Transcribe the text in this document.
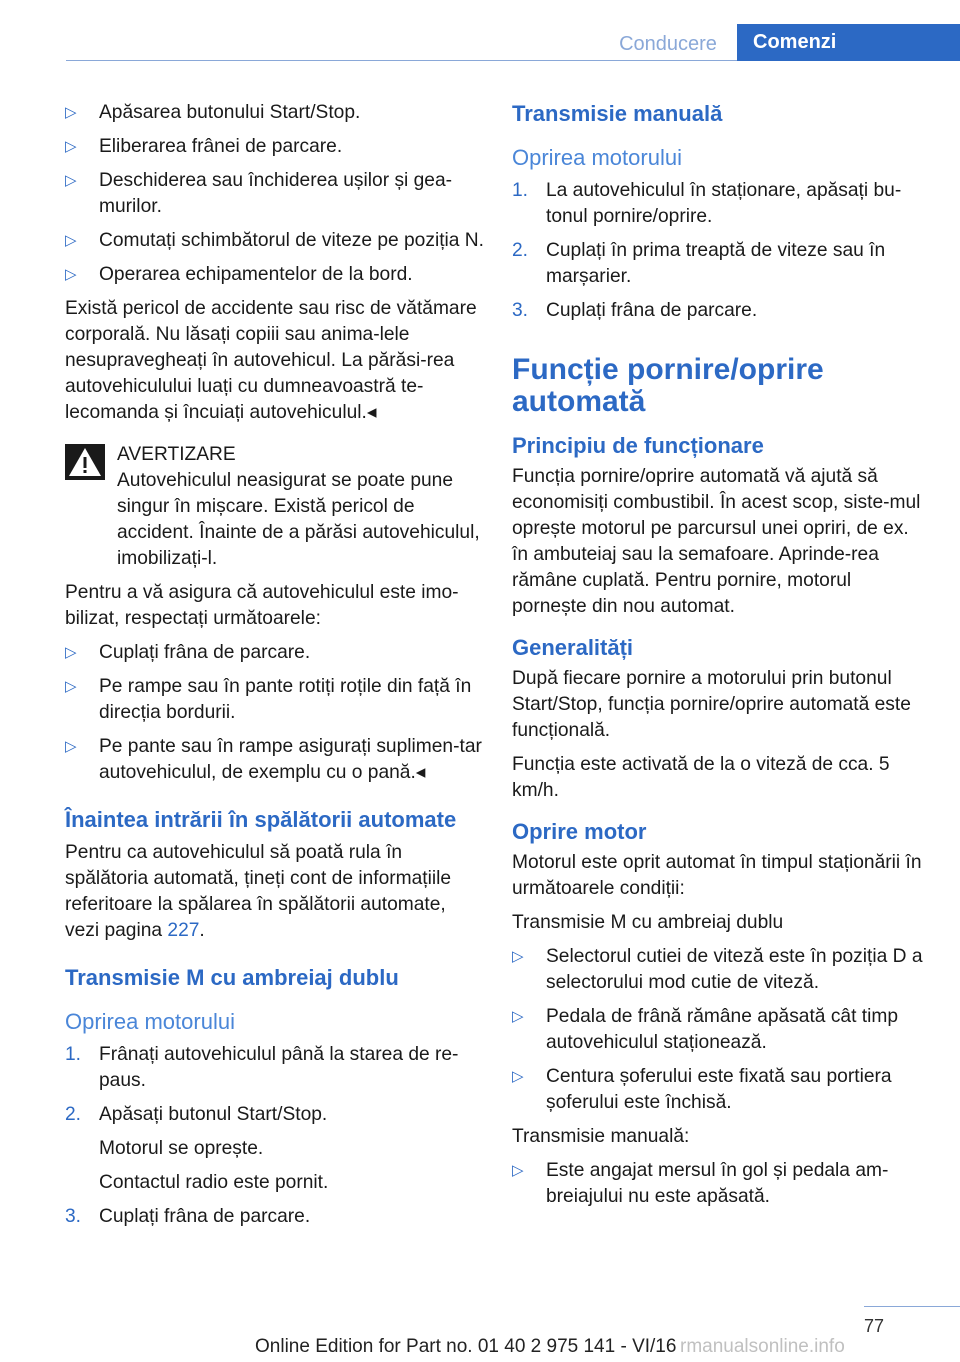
Conducere	Comenzi
▷ Apăsarea butonului Start/Stop.
▷ Eliberarea frânei de parcare.
▷ Deschiderea sau închiderea ușilor și gea-murilor.
▷ Comutați schimbătorul de viteze pe poziția N.
▷ Operarea echipamentelor de la bord.

Există pericol de accidente sau risc de vătămare corporală. Nu lăsați copiii sau anima-lele nesupravegheați în autovehicul. La părăsi-rea autovehiculului luați cu dumneavoastră te-lecomanda și încuiați autovehiculul.◂

AVERTIZARE
Autovehiculul neasigurat se poate pune singur în mișcare. Există pericol de accident. Înainte de a părăsi autovehiculul, imobilizați-l.

Pentru a vă asigura că autovehiculul este imo-bilizat, respectați următoarele:

▷ Cuplați frâna de parcare.
▷ Pe rampe sau în pante rotiți roțile din față în direcția bordurii.
▷ Pe pante sau în rampe asigurați suplimen-tar autovehiculul, de exemplu cu o pană.◂
Înaintea intrării în spălătorii automate

Pentru ca autovehiculul să poată rula în spălătoria automată, țineți cont de informațiile referitoare la spălarea în spălătorii automate, vezi pagina 227.

Transmisie M cu ambreiaj dublu
Oprirea motorului
1. Frânați autovehiculul până la starea de re-paus.
2. Apăsați butonul Start/Stop.
Motorul se oprește.
Contactul radio este pornit.
3. Cuplați frâna de parcare.
Transmisie manuală
Oprirea motorului
1. La autovehiculul în staționare, apăsați bu-tonul pornire/oprire.
2. Cuplați în prima treaptă de viteze sau în marșarier.
3. Cuplați frâna de parcare.
Funcție pornire/oprire automată
Principiu de funcționare

Funcția pornire/oprire automată vă ajută să economisiți combustibil. În acest scop, siste-mul oprește motorul pe parcursul unei opriri, de ex. în ambuteiaj sau la semafoare. Aprinde-rea rămâne cuplată. Pentru pornire, motorul pornește din nou automat.

Generalități

După fiecare pornire a motorului prin butonul Start/Stop, funcția pornire/oprire automată este funcțională.

Funcția este activată de la o viteză de cca. 5 km/h.

Oprire motor

Motorul este oprit automat în timpul staționării în următoarele condiții:

Transmisie M cu ambreiaj dublu

▷ Selectorul cutiei de viteză este în poziția D a selectorului mod cutie de viteză.
▷ Pedala de frână rămâne apăsată cât timp autovehiculul staționează.
▷ Centura șoferului este fixată sau portiera șoferului este închisă.

Transmisie manuală:

▷ Este angajat mersul în gol și pedala am-breiajului nu este apăsată.
77
Online Edition for Part no. 01 40 2 975 141 - VI/16 rmanualsonline.info
